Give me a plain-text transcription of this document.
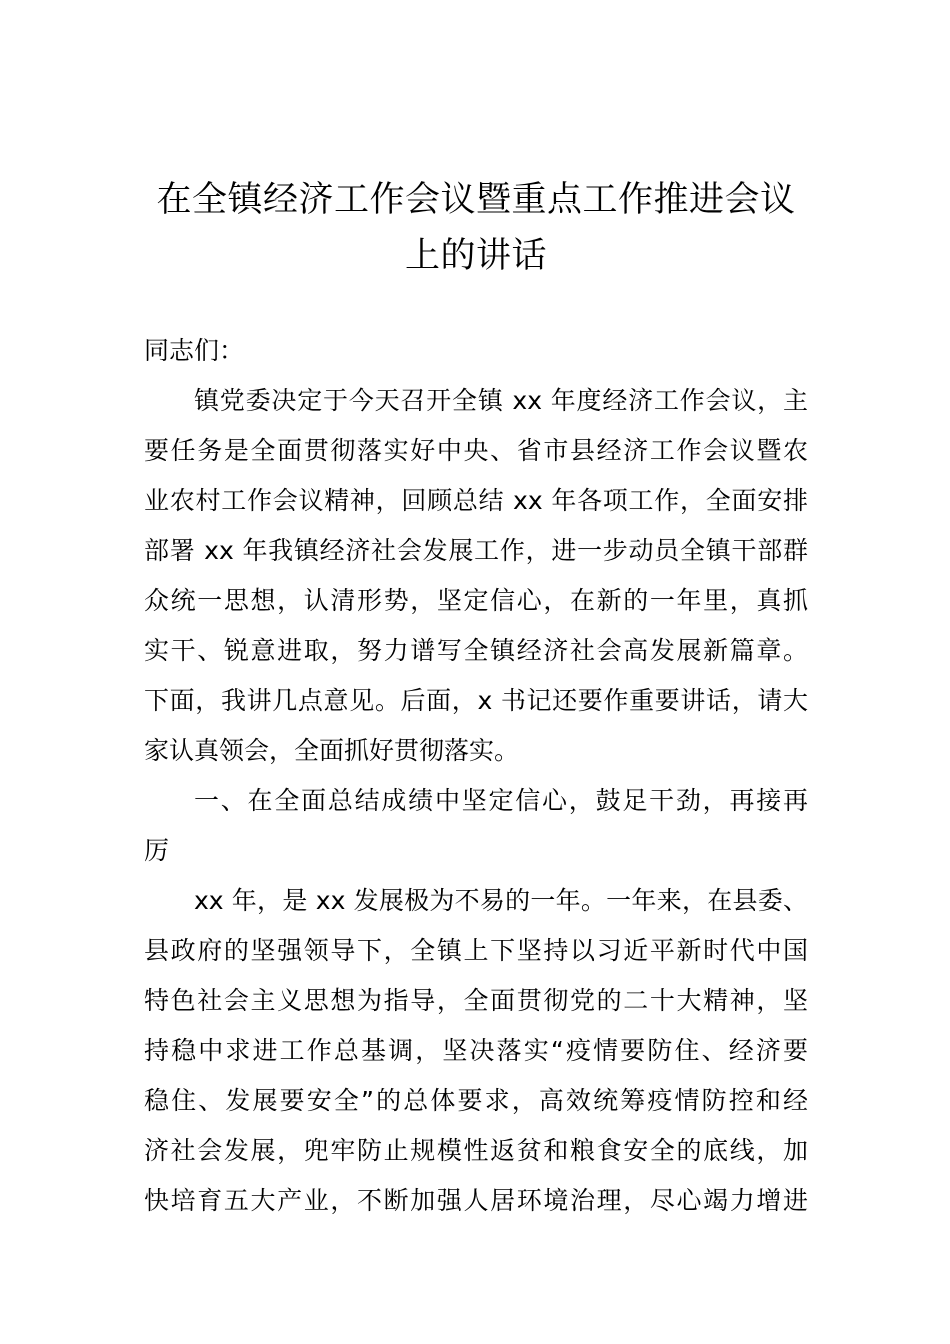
在全镇经济工作会议暨重点工作推进会议
上的讲话
同志们：
镇党委决定于今天召开全镇 xx 年度经济工作会议，主
要任务是全面贯彻落实好中央、省市县经济工作会议暨农
业农村工作会议精神，回顾总结 xx 年各项工作，全面安排
部署 xx 年我镇经济社会发展工作，进一步动员全镇干部群
众统一思想，认清形势，坚定信心，在新的一年里，真抓
实干、锐意进取，努力谱写全镇经济社会高发展新篇章。
下面，我讲几点意见。后面，x 书记还要作重要讲话，请大
家认真领会，全面抓好贯彻落实。
一、在全面总结成绩中坚定信心，鼓足干劲，再接再
厉
xx 年，是 xx 发展极为不易的一年。一年来，在县委、
县政府的坚强领导下，全镇上下坚持以习近平新时代中国
特色社会主义思想为指导，全面贯彻党的二十大精神，坚
持稳中求进工作总基调，坚决落实“疫情要防住、经济要
稳住、发展要安全”的总体要求，高效统筹疫情防控和经
济社会发展，兜牢防止规模性返贫和粮食安全的底线，加
快培育五大产业，不断加强人居环境治理，尽心竭力增进
